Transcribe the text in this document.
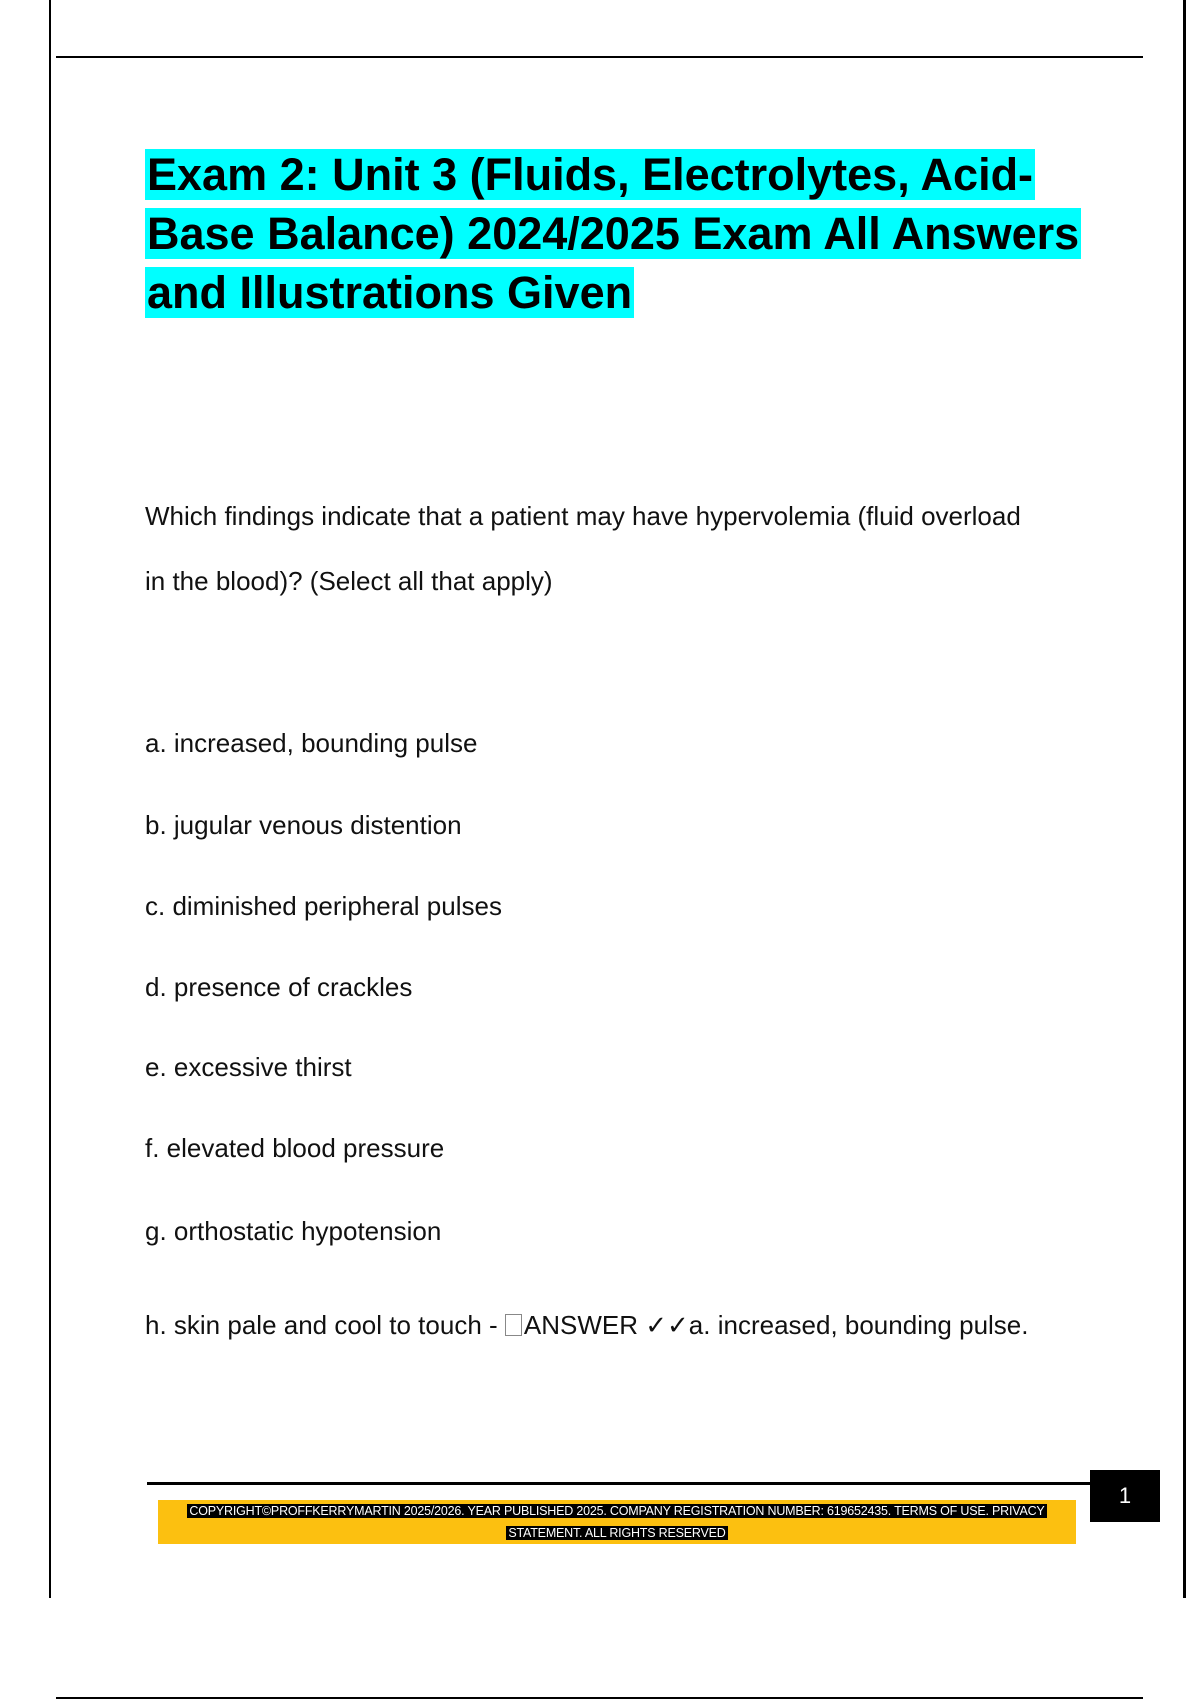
Exam 2: Unit 3 (Fluids, Electrolytes, Acid-Base Balance) 2024/2025 Exam All Answers and Illustrations Given

Which findings indicate that a patient may have hypervolemia (fluid overload in the blood)? (Select all that apply)

a. increased, bounding pulse

b. jugular venous distention

c. diminished peripheral pulses

d. presence of crackles

e. excessive thirst

f. elevated blood pressure

g. orthostatic hypotension

h. skin pale and cool to touch - ANSWER ✓✓a. increased, bounding pulse.

1
COPYRIGHT©PROFFKERRYMARTIN 2025/2026. YEAR PUBLISHED 2025. COMPANY REGISTRATION NUMBER: 619652435. TERMS OF USE. PRIVACY STATEMENT. ALL RIGHTS RESERVED
